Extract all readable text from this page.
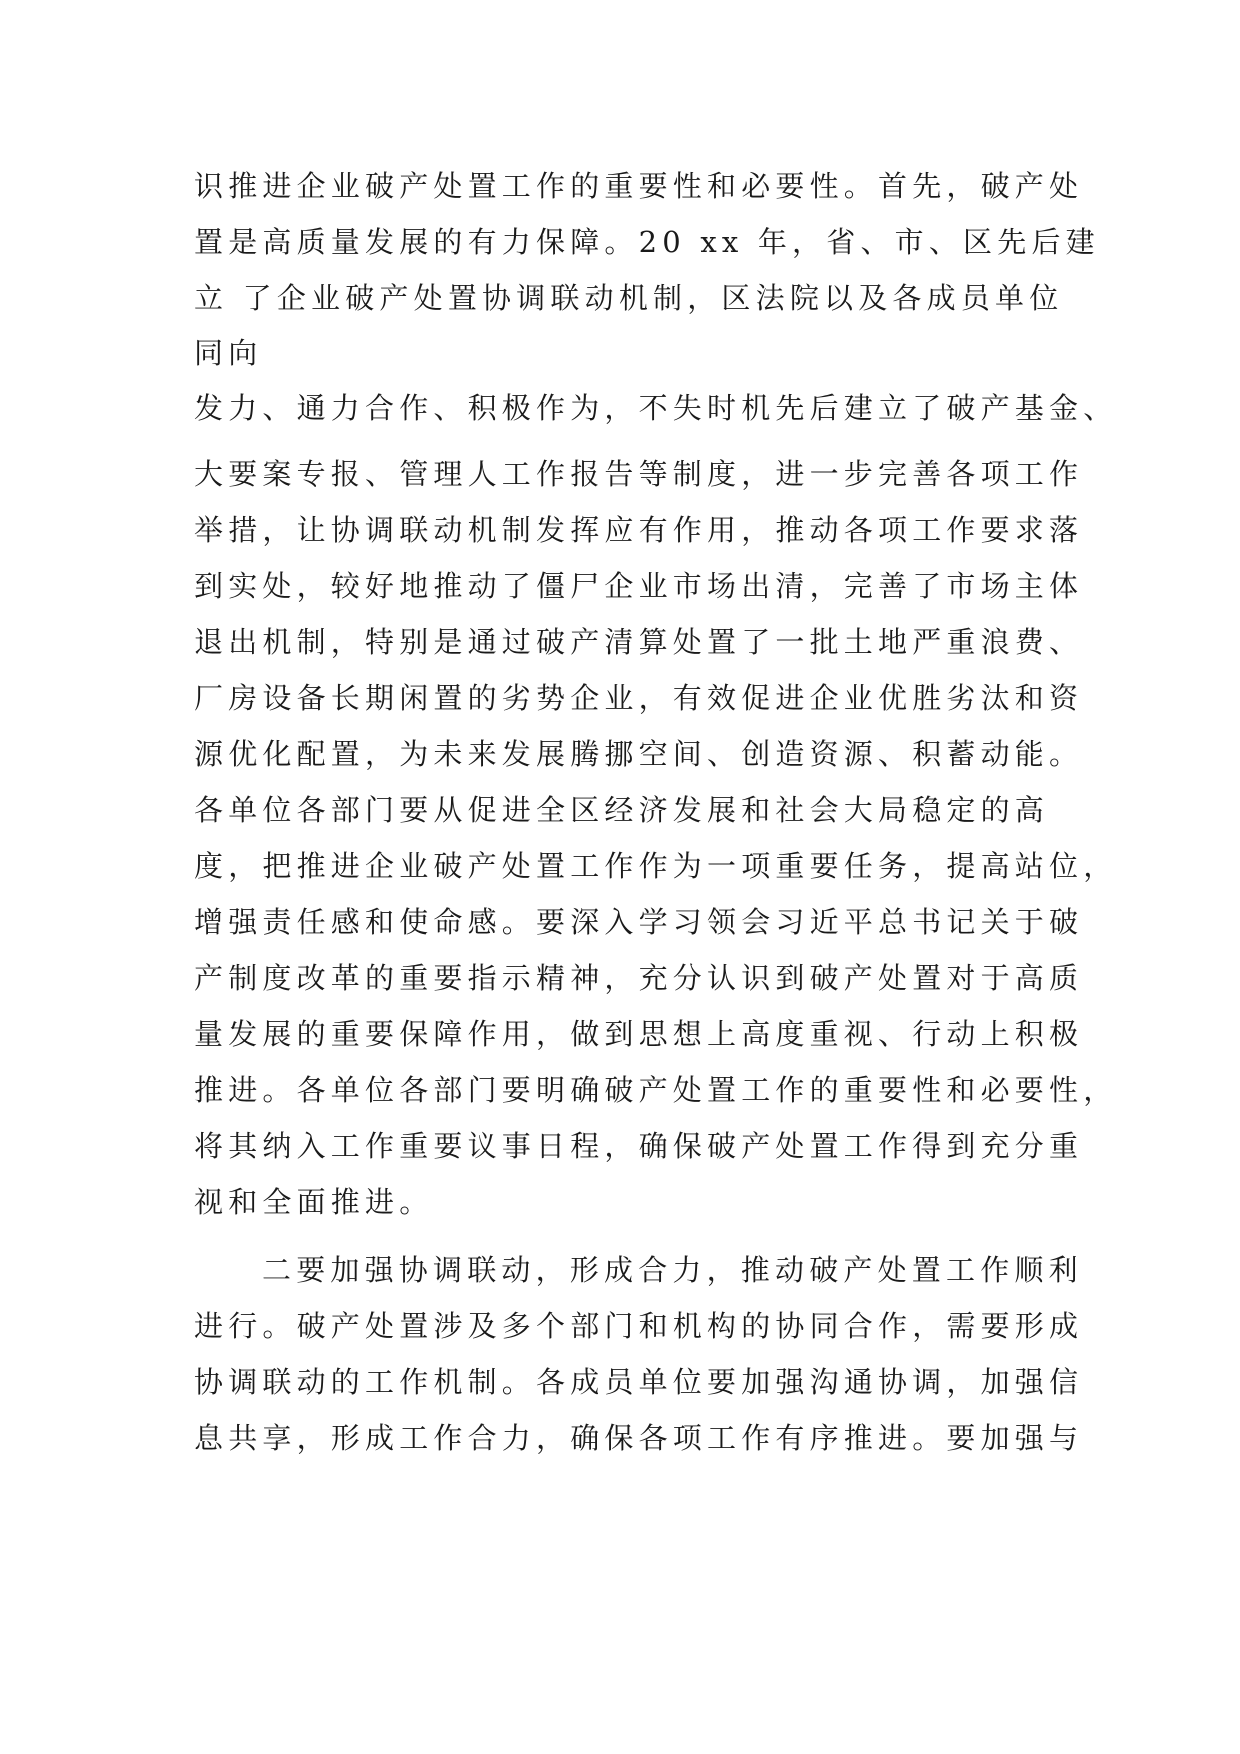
识推进企业破产处置工作的重要性和必要性。首先，破产处

置是高质量发展的有力保障。20 xx 年，省、市、区先后建

立 了企业破产处置协调联动机制，区法院以及各成员单位

同向

发力、通力合作、积极作为，不失时机先后建立了破产基金、

大要案专报、管理人工作报告等制度，进一步完善各项工作

举措，让协调联动机制发挥应有作用，推动各项工作要求落

到实处，较好地推动了僵尸企业市场出清，完善了市场主体

退出机制，特别是通过破产清算处置了一批土地严重浪费、

厂房设备长期闲置的劣势企业，有效促进企业优胜劣汰和资

源优化配置，为未来发展腾挪空间、创造资源、积蓄动能。

各单位各部门要从促进全区经济发展和社会大局稳定的高

度，把推进企业破产处置工作作为一项重要任务，提高站位，

增强责任感和使命感。要深入学习领会习近平总书记关于破

产制度改革的重要指示精神，充分认识到破产处置对于高质

量发展的重要保障作用，做到思想上高度重视、行动上积极

推进。各单位各部门要明确破产处置工作的重要性和必要性，

将其纳入工作重要议事日程，确保破产处置工作得到充分重

视和全面推进。

二要加强协调联动，形成合力，推动破产处置工作顺利

进行。破产处置涉及多个部门和机构的协同合作，需要形成

协调联动的工作机制。各成员单位要加强沟通协调，加强信

息共享，形成工作合力，确保各项工作有序推进。要加强与
